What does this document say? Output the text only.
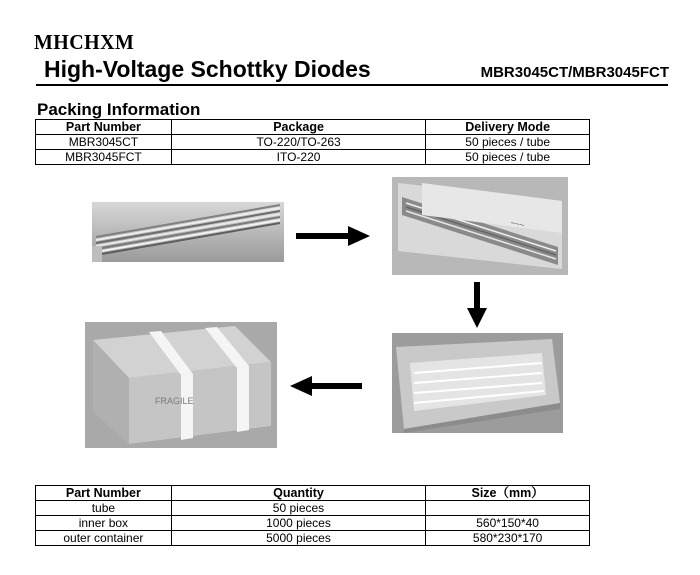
MHCHXM
High-Voltage Schottky Diodes	MBR3045CT/MBR3045FCT
Packing Information
Part Number	Package	Delivery Mode
MBR3045CT	TO-220/TO-263	50 pieces / tube
MBR3045FCT	ITO-220	50 pieces / tube
~~~
FRAGILE
Part Number	Quantity	Size（mm）
tube	50 pieces	
inner box	1000 pieces	560*150*40
outer container	5000 pieces	580*230*170
